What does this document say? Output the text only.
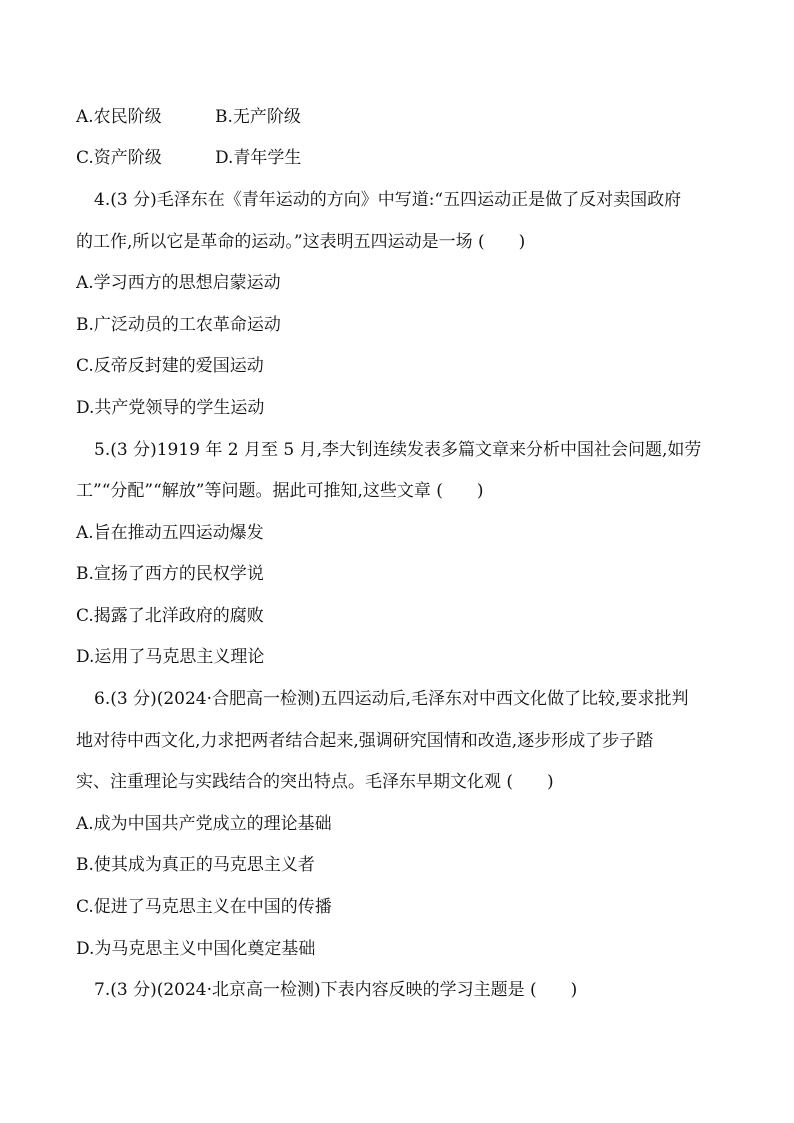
A.农民阶级	B.无产阶级
C.资产阶级	D.青年学生
4.(3 分)毛泽东在《青年运动的方向》中写道:“五四运动正是做了反对卖国政府
的工作,所以它是革命的运动。”这表明五四运动是一场 (　　)
A.学习西方的思想启蒙运动
B.广泛动员的工农革命运动
C.反帝反封建的爱国运动
D.共产党领导的学生运动
5.(3 分)1919 年 2 月至 5 月,李大钊连续发表多篇文章来分析中国社会问题,如劳
工”“分配”“解放”等问题。据此可推知,这些文章 (　　)
A.旨在推动五四运动爆发
B.宣扬了西方的民权学说
C.揭露了北洋政府的腐败
D.运用了马克思主义理论
6.(3 分)(2024·合肥高一检测)五四运动后,毛泽东对中西文化做了比较,要求批判
地对待中西文化,力求把两者结合起来,强调研究国情和改造,逐步形成了步子踏
实、注重理论与实践结合的突出特点。毛泽东早期文化观 (　　)
A.成为中国共产党成立的理论基础
B.使其成为真正的马克思主义者
C.促进了马克思主义在中国的传播
D.为马克思主义中国化奠定基础
7.(3 分)(2024·北京高一检测)下表内容反映的学习主题是 (　　)
